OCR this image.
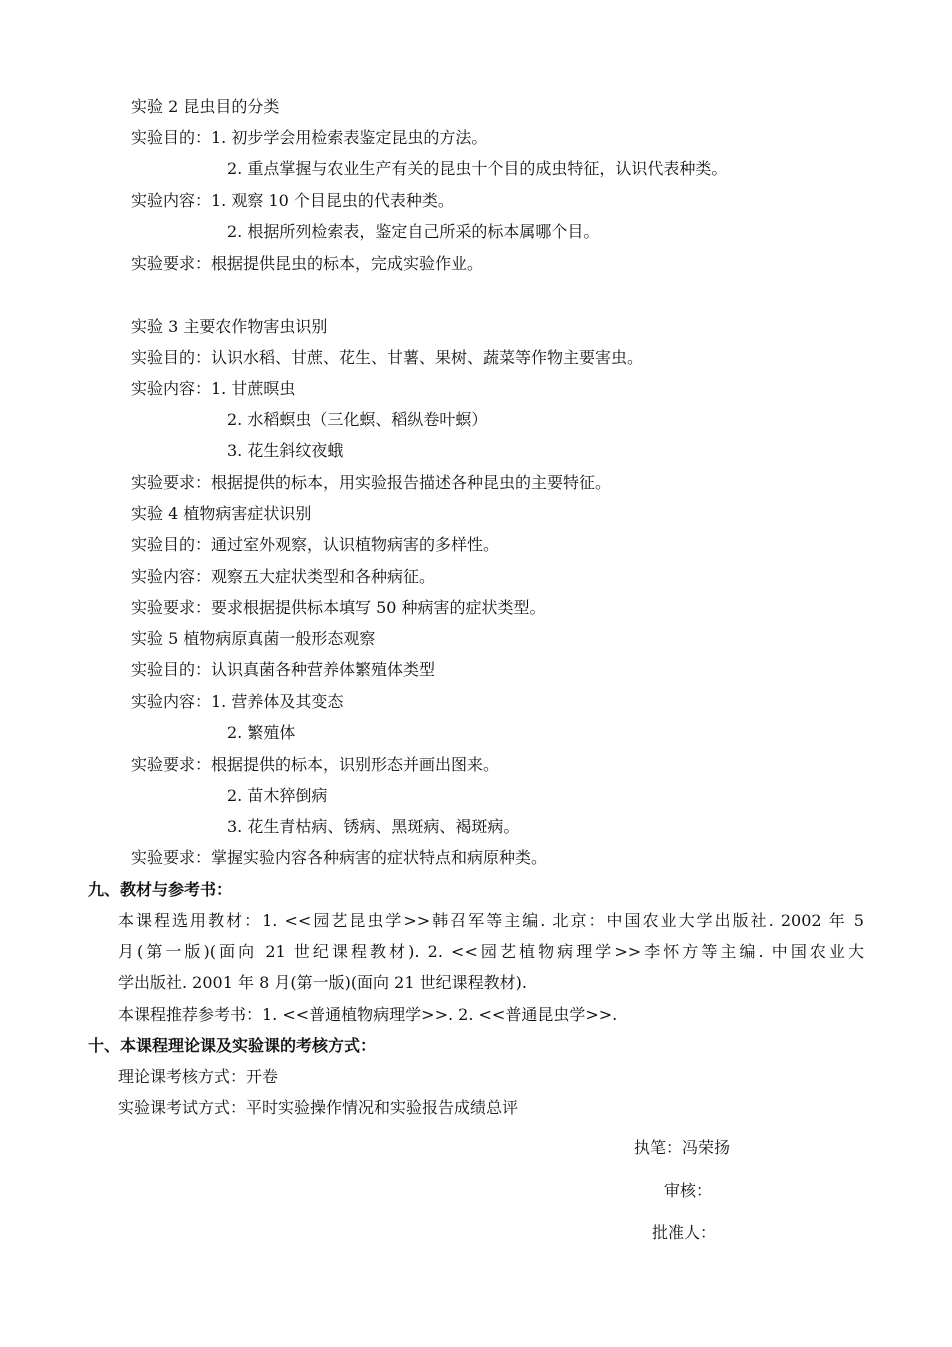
实验 2 昆虫目的分类
实验目的：1. 初步学会用检索表鉴定昆虫的方法。
2. 重点掌握与农业生产有关的昆虫十个目的成虫特征，认识代表种类。
实验内容：1. 观察 10 个目昆虫的代表种类。
2. 根据所列检索表，鉴定自己所采的标本属哪个目。
实验要求：根据提供昆虫的标本，完成实验作业。
实验 3 主要农作物害虫识别
实验目的：认识水稻、甘蔗、花生、甘薯、果树、蔬菜等作物主要害虫。
实验内容：1. 甘蔗暝虫
2. 水稻螟虫（三化螟、稻纵卷叶螟）
3. 花生斜纹夜蛾
实验要求：根据提供的标本，用实验报告描述各种昆虫的主要特征。
实验 4 植物病害症状识别
实验目的：通过室外观察，认识植物病害的多样性。
实验内容：观察五大症状类型和各种病征。
实验要求：要求根据提供标本填写 50 种病害的症状类型。
实验 5 植物病原真菌一般形态观察
实验目的：认识真菌各种营养体繁殖体类型
实验内容：1. 营养体及其变态
2. 繁殖体
实验要求：根据提供的标本，识别形态并画出图来。
2. 苗木猝倒病
3. 花生青枯病、锈病、黑斑病、褐斑病。
实验要求：掌握实验内容各种病害的症状特点和病原种类。
九、教材与参考书：
本课程选用教材：1. <<园艺昆虫学>>韩召军等主编. 北京：中国农业大学出版社. 2002 年 5
月(第一版)(面向 21 世纪课程教材). 2. <<园艺植物病理学>>李怀方等主编. 中国农业大
学出版社. 2001 年 8 月(第一版)(面向 21 世纪课程教材).
本课程推荐参考书：1. <<普通植物病理学>>. 2. <<普通昆虫学>>.
十、本课程理论课及实验课的考核方式：
理论课考核方式：开卷
实验课考试方式：平时实验操作情况和实验报告成绩总评
执笔：冯荣扬
审核：
批准人：
